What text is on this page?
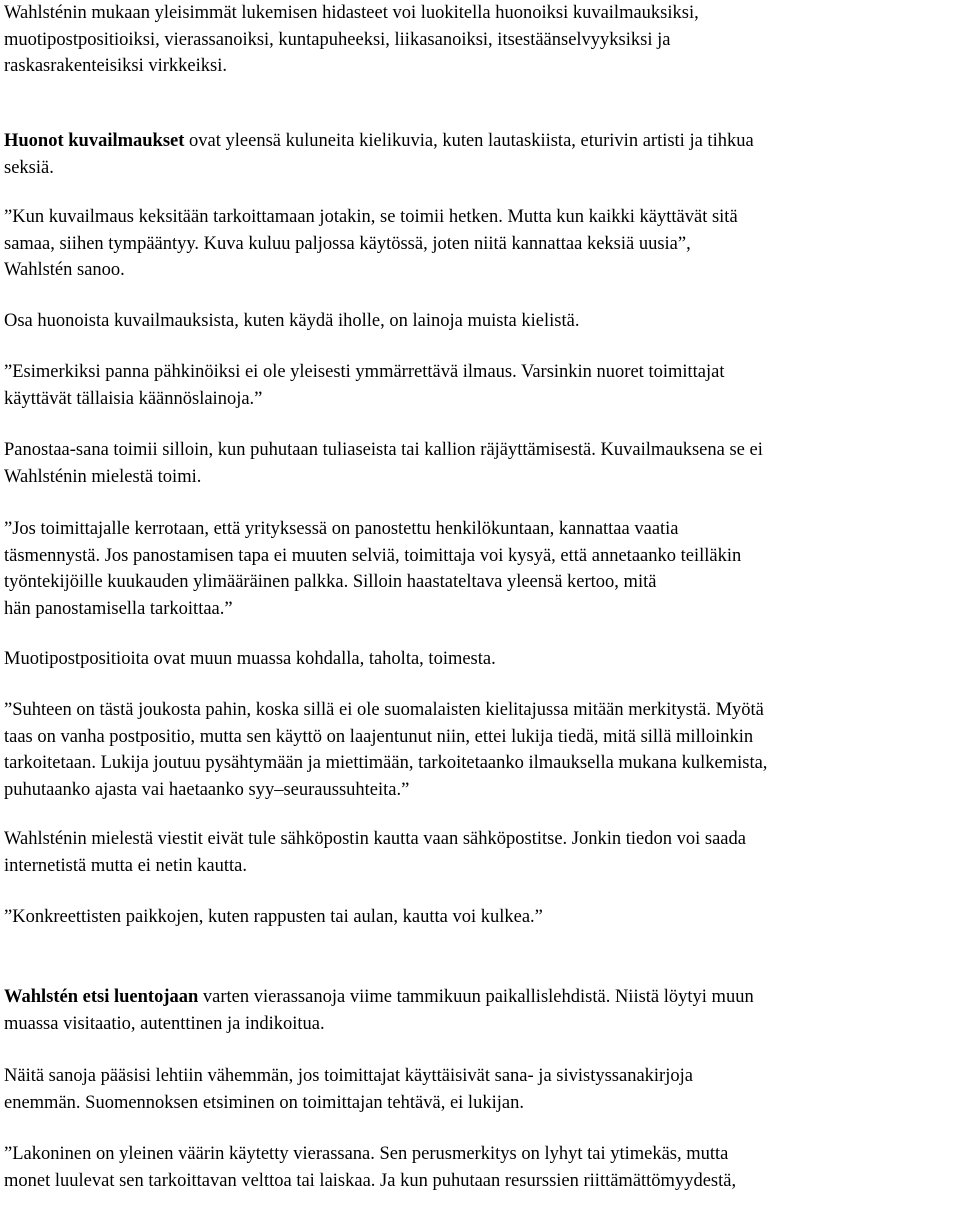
Wahlsténin mukaan yleisimmät lukemisen hidasteet voi luokitella huonoiksi kuvailmauksiksi,
muotipostpositioiksi, vierassanoiksi, kuntapuheeksi, liikasanoiksi, itsestäänselvyyksiksi ja
raskasrakenteisiksi virkkeiksi.
Huonot kuvailmaukset ovat yleensä kuluneita kielikuvia, kuten lautaskiista, eturivin artisti ja tihkua
seksiä.
”Kun kuvailmaus keksitään tarkoittamaan jotakin, se toimii hetken. Mutta kun kaikki käyttävät sitä
samaa, siihen tympääntyy. Kuva kuluu paljossa käytössä, joten niitä kannattaa keksiä uusia”,
Wahlstén sanoo.
Osa huonoista kuvailmauksista, kuten käydä iholle, on lainoja muista kielistä.
”Esimerkiksi panna pähkinöiksi ei ole yleisesti ymmärrettävä ilmaus. Varsinkin nuoret toimittajat
käyttävät tällaisia käännöslainoja.”
Panostaa-sana toimii silloin, kun puhutaan tuliaseista tai kallion räjäyttämisestä. Kuvailmauksena se ei
Wahlsténin mielestä toimi.
”Jos toimittajalle kerrotaan, että yrityksessä on panostettu henkilökuntaan, kannattaa vaatia
täsmennystä. Jos panostamisen tapa ei muuten selviä, toimittaja voi kysyä, että annetaanko teilläkin
työntekijöille kuukauden ylimääräinen palkka. Silloin haastateltava yleensä kertoo, mitä
hän panostamisella tarkoittaa.”
Muotipostpositioita ovat muun muassa kohdalla, taholta, toimesta.
”Suhteen on tästä joukosta pahin, koska sillä ei ole suomalaisten kielitajussa mitään merkitystä. Myötä
taas on vanha postpositio, mutta sen käyttö on laajentunut niin, ettei lukija tiedä, mitä sillä milloinkin
tarkoitetaan. Lukija joutuu pysähtymään ja miettimään, tarkoitetaanko ilmauksella mukana kulkemista,
puhutaanko ajasta vai haetaanko syy–seuraussuhteita.”
Wahlsténin mielestä viestit eivät tule sähköpostin kautta vaan sähköpostitse. Jonkin tiedon voi saada
internetistä mutta ei netin kautta.
”Konkreettisten paikkojen, kuten rappusten tai aulan, kautta voi kulkea.”
Wahlstén etsi luentojaan varten vierassanoja viime tammikuun paikallislehdistä. Niistä löytyi muun
muassa visitaatio, autenttinen ja indikoitua.
Näitä sanoja pääsisi lehtiin vähemmän, jos toimittajat käyttäisivät sana- ja sivistyssanakirjoja
enemmän. Suomennoksen etsiminen on toimittajan tehtävä, ei lukijan.
”Lakoninen on yleinen väärin käytetty vierassana. Sen perusmerkitys on lyhyt tai ytimekäs, mutta
monet luulevat sen tarkoittavan velttoa tai laiskaa. Ja kun puhutaan resurssien riittämättömyydestä,
